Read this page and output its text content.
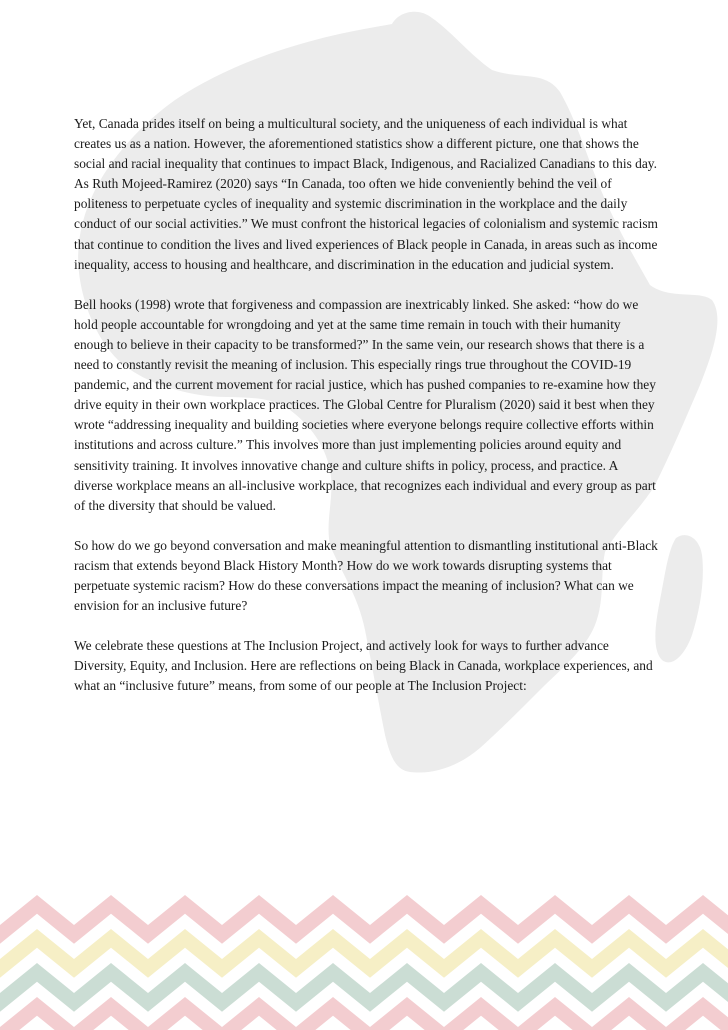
Yet, Canada prides itself on being a multicultural society, and the uniqueness of each individual is what creates us as a nation. However, the aforementioned statistics show a different picture, one that shows the social and racial inequality that continues to impact Black, Indigenous, and Racialized Canadians to this day. As Ruth Mojeed-Ramirez (2020) says “In Canada, too often we hide conveniently behind the veil of politeness to perpetuate cycles of inequality and systemic discrimination in the workplace and the daily conduct of our social activities.” We must confront the historical legacies of colonialism and systemic racism that continue to condition the lives and lived experiences of Black people in Canada, in areas such as income inequality, access to housing and healthcare, and discrimination in the education and judicial system.

Bell hooks (1998) wrote that forgiveness and compassion are inextricably linked. She asked: “how do we hold people accountable for wrongdoing and yet at the same time remain in touch with their humanity enough to believe in their capacity to be transformed?” In the same vein, our research shows that there is a need to constantly revisit the meaning of inclusion. This especially rings true throughout the COVID-19 pandemic, and the current movement for racial justice, which has pushed companies to re-examine how they drive equity in their own workplace practices. The Global Centre for Pluralism (2020) said it best when they wrote “addressing inequality and building societies where everyone belongs require collective efforts within institutions and across culture.” This involves more than just implementing policies around equity and sensitivity training. It involves innovative change and culture shifts in policy, process, and practice. A diverse workplace means an all-inclusive workplace, that recognizes each individual and every group as part of the diversity that should be valued.

So how do we go beyond conversation and make meaningful attention to dismantling institutional anti-Black racism that extends beyond Black History Month? How do we work towards disrupting systems that perpetuate systemic racism? How do these conversations impact the meaning of inclusion? What can we envision for an inclusive future?

We celebrate these questions at The Inclusion Project, and actively look for ways to further advance Diversity, Equity, and Inclusion. Here are reflections on being Black in Canada, workplace experiences, and what an “inclusive future” means, from some of our people at The Inclusion Project:
